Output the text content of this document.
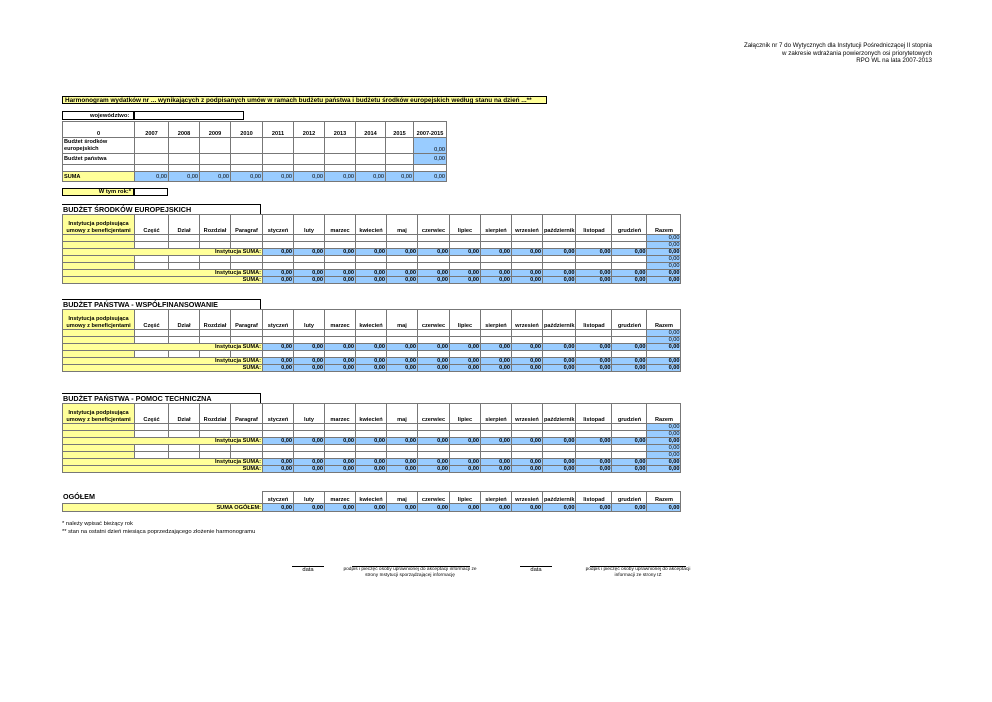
Załącznik nr 7 do Wytycznych dla Instytucji Pośredniczącej II stopnia
w zakresie wdrażania powierzonych osi priorytetowych
RPO WL na lata 2007-2013
Harmonogram wydatków nr ... wynikających z podpisanych umów w ramach budżetu państwa i budżetu środków europejskich według stanu na dzień ...**
województwo:
0	2007	2008	2009	2010	2011	2012	2013	2014	2015	2007-2015
Budżet środków europejskich										0,00
Budżet państwa										0,00

SUMA	0,00	0,00	0,00	0,00	0,00	0,00	0,00	0,00	0,00	0,00
W tym rok:*
BUDŻET ŚRODKÓW EUROPEJSKICH
Instytucja podpisująca umowy z beneficjentami	Część	Dział	Rozdział	Paragraf	styczeń	luty	marzec	kwiecień	maj	czerwiec	lipiec	sierpień	wrzesień	październik	listopad	grudzień	Razem
																	0,00
																	0,00
Instytucja SUMA:					0,00	0,00	0,00	0,00	0,00	0,00	0,00	0,00	0,00	0,00	0,00	0,00	0,00
																	0,00
																	0,00
Instytucja SUMA:					0,00	0,00	0,00	0,00	0,00	0,00	0,00	0,00	0,00	0,00	0,00	0,00	0,00
SUMA:					0,00	0,00	0,00	0,00	0,00	0,00	0,00	0,00	0,00	0,00	0,00	0,00	0,00
BUDŻET PAŃSTWA - WSPÓŁFINANSOWANIE
Instytucja podpisująca umowy z beneficjentami	Część	Dział	Rozdział	Paragraf	styczeń	luty	marzec	kwiecień	maj	czerwiec	lipiec	sierpień	wrzesień	październik	listopad	grudzień	Razem
																	0,00
																	0,00
Instytucja SUMA:					0,00	0,00	0,00	0,00	0,00	0,00	0,00	0,00	0,00	0,00	0,00	0,00	0,00

Instytucja SUMA:					0,00	0,00	0,00	0,00	0,00	0,00	0,00	0,00	0,00	0,00	0,00	0,00	0,00
SUMA:					0,00	0,00	0,00	0,00	0,00	0,00	0,00	0,00	0,00	0,00	0,00	0,00	0,00
BUDŻET PAŃSTWA - POMOC TECHNICZNA
Instytucja podpisująca umowy z beneficjentami	Część	Dział	Rozdział	Paragraf	styczeń	luty	marzec	kwiecień	maj	czerwiec	lipiec	sierpień	wrzesień	październik	listopad	grudzień	Razem
																	0,00
																	0,00
Instytucja SUMA:					0,00	0,00	0,00	0,00	0,00	0,00	0,00	0,00	0,00	0,00	0,00	0,00	0,00
																	0,00
																	0,00
Instytucja SUMA:					0,00	0,00	0,00	0,00	0,00	0,00	0,00	0,00	0,00	0,00	0,00	0,00	0,00
SUMA:					0,00	0,00	0,00	0,00	0,00	0,00	0,00	0,00	0,00	0,00	0,00	0,00	0,00
OGÓŁEM
		styczeń	luty	marzec	kwiecień	maj	czerwiec	lipiec	sierpień	wrzesień	październik	listopad	grudzień	Razem
SUMA OGÓŁEM:	0,00	0,00	0,00	0,00	0,00	0,00	0,00	0,00	0,00	0,00	0,00	0,00	0,00
* należy wpisać bieżący rok
** stan na ostatni dzień miesiąca poprzedzającego złożenie harmonogramu
data	podpis i pieczęć osoby uprawnionej do akceptacji informacji ze strony Instytucji sporządzającej informację
data	podpis i pieczęć osoby uprawnionej do akceptacji informacji ze strony IZ
